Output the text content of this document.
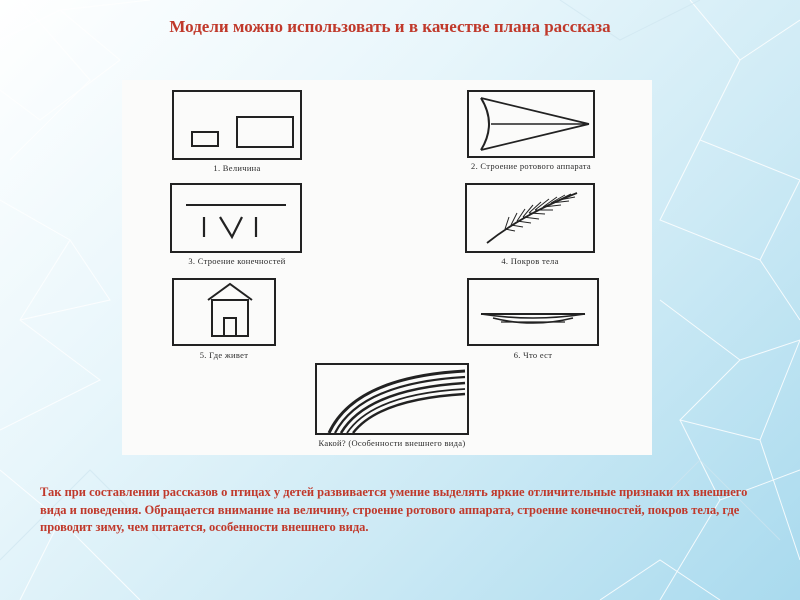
Модели можно использовать и в качестве плана рассказа
1. Величина	2. Строение ротового аппарата
3. Строение конечностей	4. Покров тела
5. Где живет	6. Что ест
Какой? (Особенности внешнего вида)
Так при составлении рассказов о птицах у детей развивается умение выделять яркие отличительные признаки их внешнего вида и поведения. Обращается внимание на величину, строение ротового аппарата, строение конечностей, покров тела, где проводит зиму, чем питается, особенности внешнего вида.
